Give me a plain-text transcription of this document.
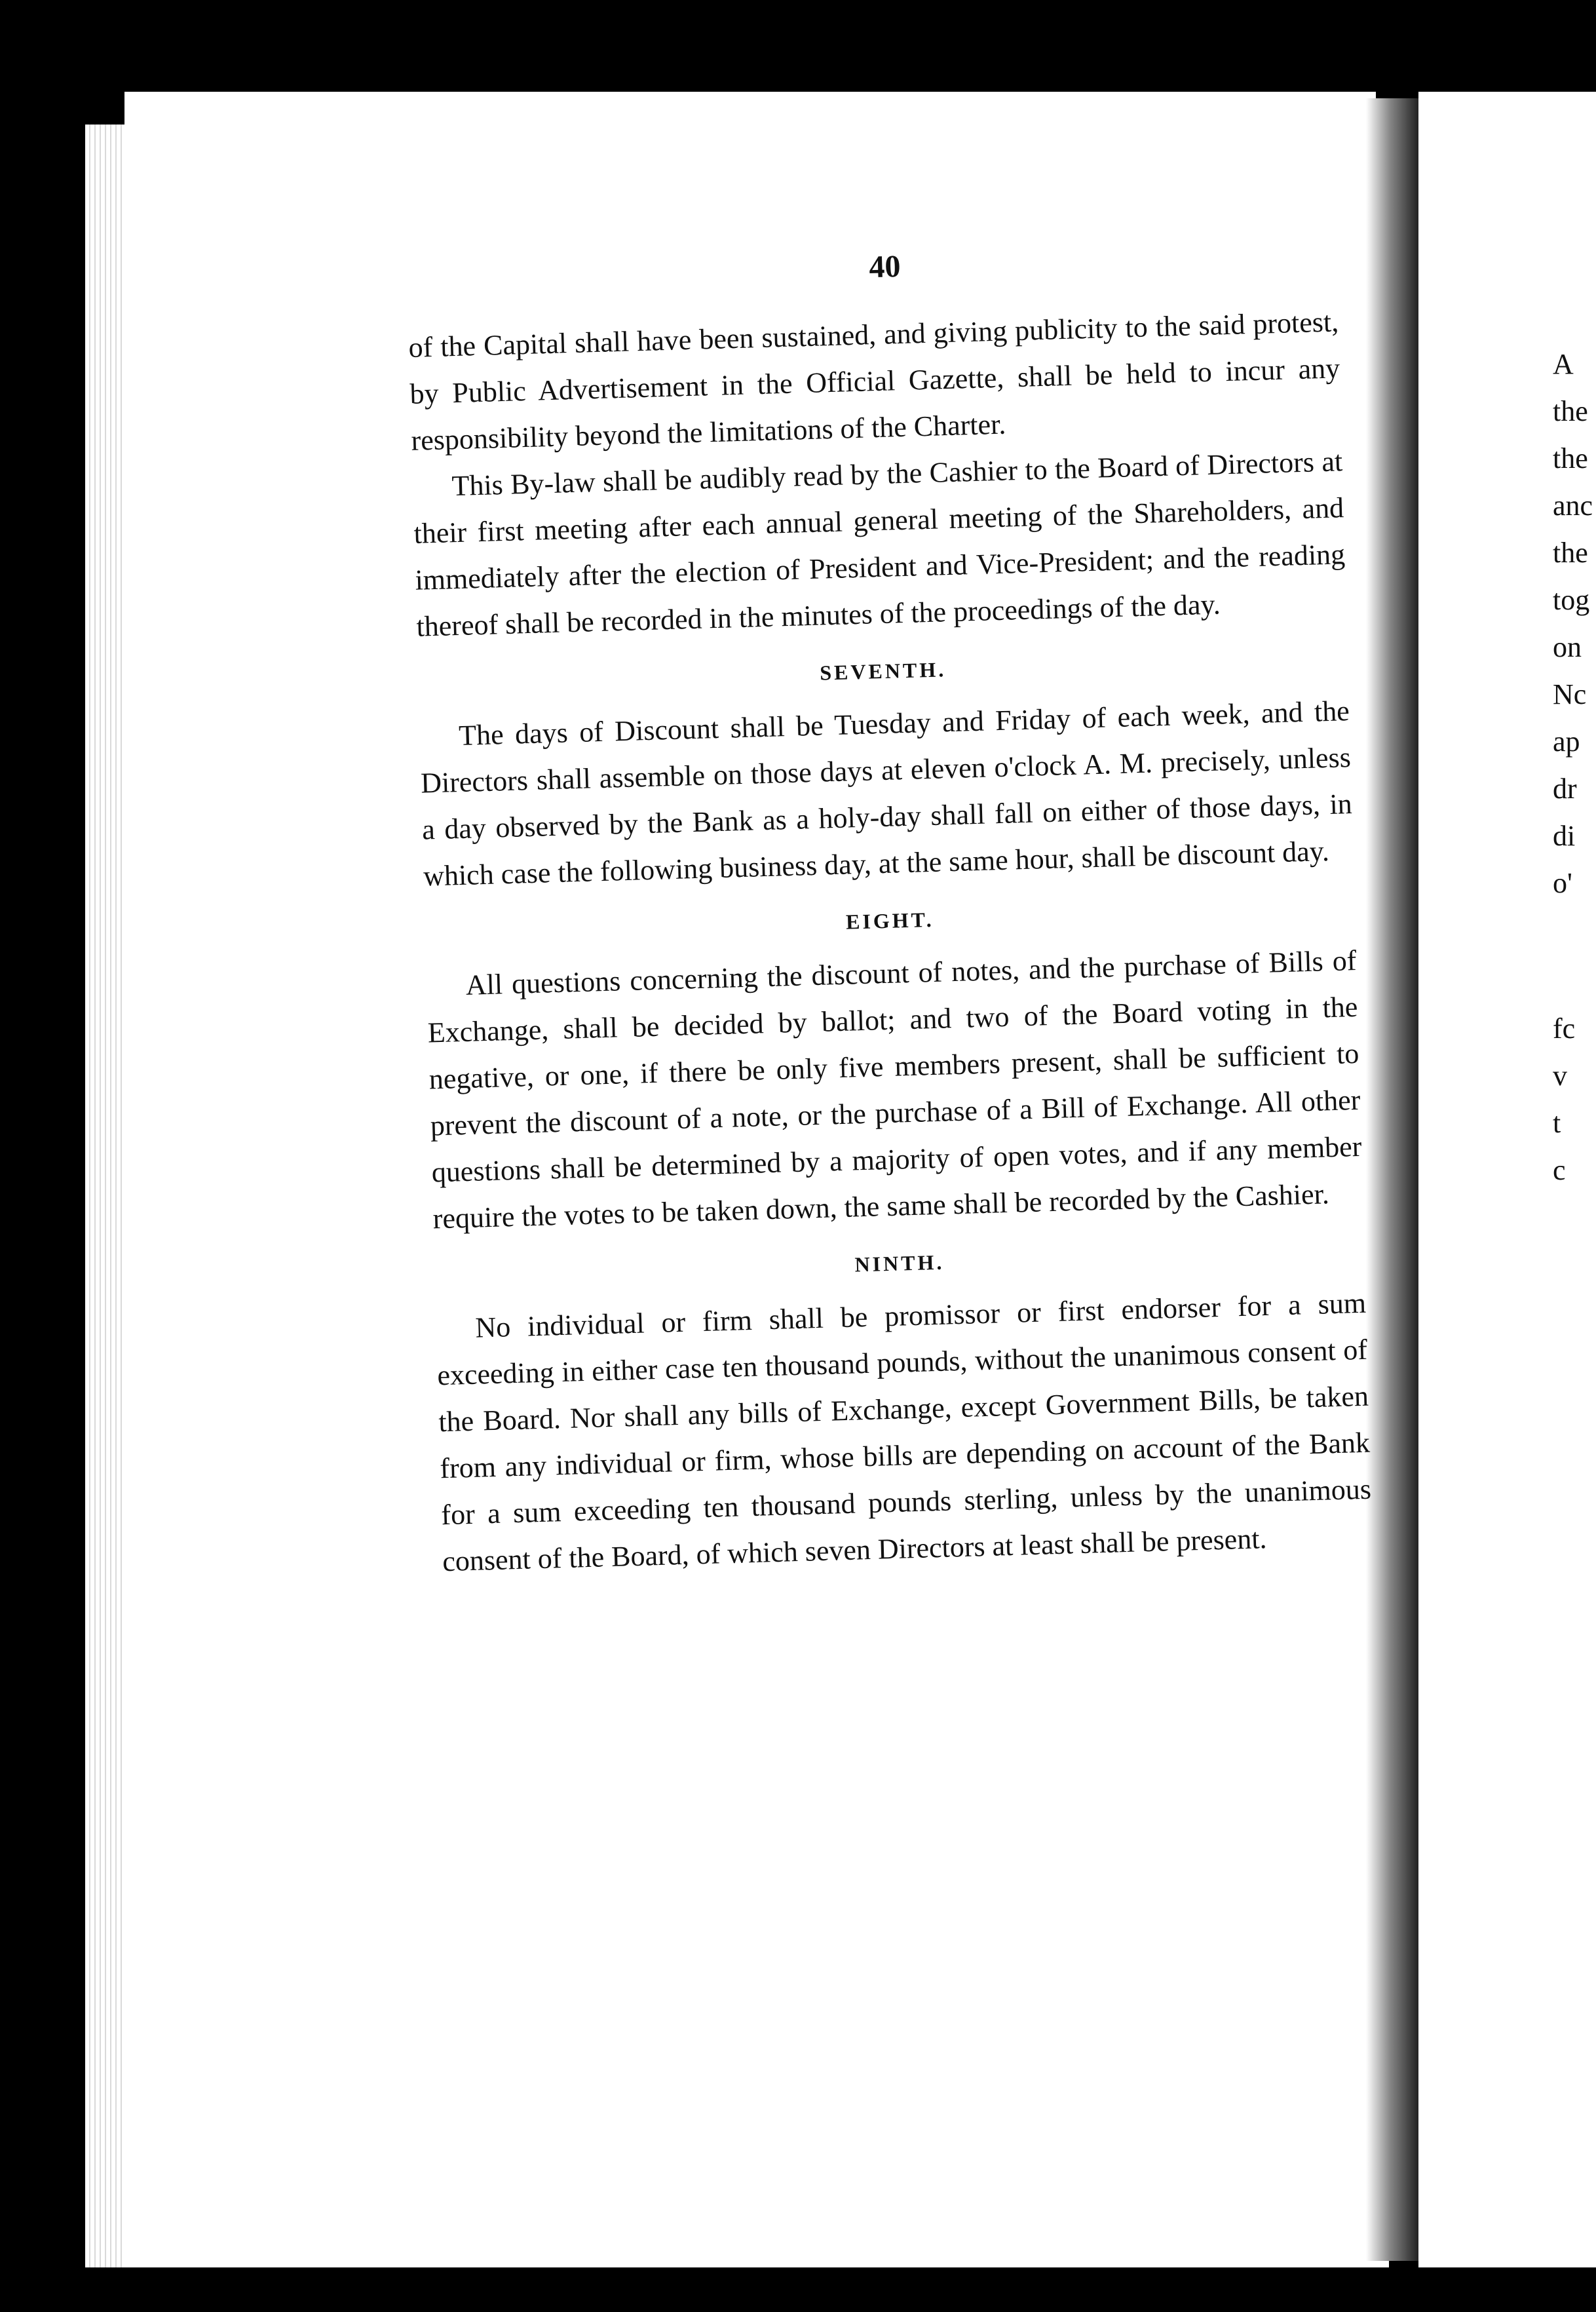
A
the
the
anc
the
tog
on
Nc
ap
dr
di
o'
fc
v
t
c
40

of the Capital shall have been sustained, and giving publicity to the said protest, by Public Advertisement in the Official Gazette, shall be held to incur any responsibility beyond the limitations of the Charter.

This By-law shall be audibly read by the Cashier to the Board of Directors at their first meeting after each annual general meeting of the Shareholders, and immediately after the election of President and Vice-President; and the reading thereof shall be recorded in the minutes of the proceedings of the day.

SEVENTH.

The days of Discount shall be Tuesday and Friday of each week, and the Directors shall assemble on those days at eleven o'clock A. M. precisely, unless a day observed by the Bank as a holy-day shall fall on either of those days, in which case the following business day, at the same hour, shall be discount day.

EIGHT.

All questions concerning the discount of notes, and the purchase of Bills of Exchange, shall be decided by ballot; and two of the Board voting in the negative, or one, if there be only five members present, shall be sufficient to prevent the discount of a note, or the purchase of a Bill of Exchange. All other questions shall be determined by a majority of open votes, and if any member require the votes to be taken down, the same shall be recorded by the Cashier.

NINTH.

No individual or firm shall be promissor or first endorser for a sum exceeding in either case ten thousand pounds, without the unanimous consent of the Board. Nor shall any bills of Exchange, except Government Bills, be taken from any individual or firm, whose bills are depending on account of the Bank for a sum exceeding ten thousand pounds sterling, unless by the unanimous consent of the Board, of which seven Directors at least shall be present.
